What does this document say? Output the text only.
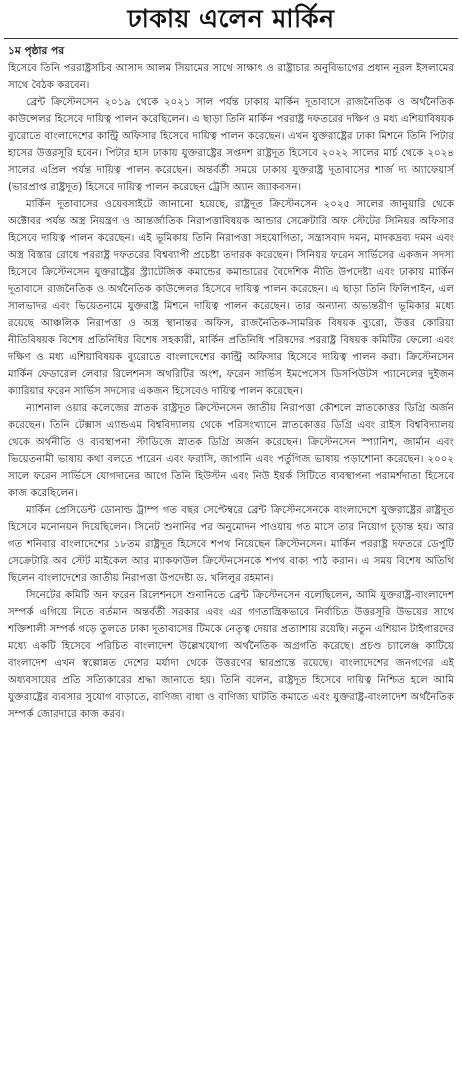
ঢাকায় এলেন মার্কিন

১ম পৃষ্ঠার পর

হিসেবে তিনি পররাষ্ট্রসচিব আসাদ আলম সিয়ামের সাথে সাক্ষাৎ ও রাষ্ট্রাচার অনুবিভাগের প্রধান নূরল ইসলামের সাথে বৈঠক করবেন।

ব্রেন্ট ক্রিস্টেনসেন ২০১৯ থেকে ২০২১ সাল পর্যন্ত ঢাকায় মার্কিন দূতাবাসে রাজনৈতিক ও অর্থনৈতিক কাউন্সেলর হিসেবে দায়িত্ব পালন করেছিলেন। এ ছাড়া তিনি মার্কিন পররাষ্ট্র দফতরের দক্ষিণ ও মধ্য এশিয়াবিষয়ক ব্যুরোতে বাংলাদেশের কান্ট্রি অফিসার হিসেবে দায়িত্ব পালন করেছেন। এখন যুক্তরাষ্ট্রের ঢাকা মিশনে তিনি পিটার হাসের উত্তরসূরি হবেন। পিটার হাস ঢাকায় যুক্তরাষ্ট্রের সপ্তদশ রাষ্ট্রদূত হিসেবে ২০২২ সালের মার্চ থেকে ২০২৪ সালের এপ্রিল পর্যন্ত দায়িত্ব পালন করেছেন। অন্তর্বর্তী সময়ে ঢাকায় যুক্তরাষ্ট্র দূতাবাসের শার্জ দ্য অ্যাফেয়ার্স (ভারপ্রাপ্ত রাষ্ট্রদূত) হিসেবে দায়িত্ব পালন করেছেন ট্রেসি অ্যান জ্যাকবসন।

মার্কিন দূতাবাসের ওয়েবসাইটে জানানো হয়েছে, রাষ্ট্রদূত ক্রিস্টেনসেন ২০২৫ সালের জানুয়ারি থেকে অক্টোবর পর্যন্ত অস্ত্র নিয়ন্ত্রণ ও আন্তর্জাতিক নিরাপত্তাবিষয়ক আন্ডার সেক্রেটারি অফ স্টেটের সিনিয়র অফিসার হিসেবে দায়িত্ব পালন করেছেন। এই ভূমিকায় তিনি নিরাপত্তা সহযোগিতা, সন্ত্রাসবাদ দমন, মাদকদ্রব্য দমন এবং অস্ত্র বিস্তার রোধে পররাষ্ট্র দফতরের বিশ্বব্যাপী প্রচেষ্টা তদারক করেছেন। সিনিয়র ফরেন সার্ভিসের একজন সদস্য হিসেবে ক্রিস্টেনসেন যুক্তরাষ্ট্রের স্ট্র্যাটেজিক কমান্ডের কমান্ডারের বৈদেশিক নীতি উপদেষ্টা এবং ঢাকায় মার্কিন দূতাবাসে রাজনৈতিক ও অর্থনৈতিক কাউন্সেলর হিসেবে দায়িত্ব পালন করেছেন। এ ছাড়া তিনি ফিলিপাইন, এল সালভাদর এবং ভিয়েতনামে যুক্তরাষ্ট্র মিশনে দায়িত্ব পালন করেছেন। তার অন্যান্য অভ্যন্তরীণ ভূমিকার মধ্যে রয়েছে আঞ্চলিক নিরাপত্তা ও অস্ত্র স্থানান্তর অফিস, রাজনৈতিক-সামরিক বিষয়ক ব্যুরো, উত্তর কোরিয়া নীতিবিষয়ক বিশেষ প্রতিনিধির বিশেষ সহকারী, মার্কিন প্রতিনিধি পরিষদের পররাষ্ট্র বিষয়ক কমিটির ফেলো এবং দক্ষিণ ও মধ্য এশিয়াবিষয়ক ব্যুরোতে বাংলাদেশের কান্ট্রি অফিসার হিসেবে দায়িত্ব পালন করা। ক্রিস্টেনসেন মার্কিন ফেডারেল লেবার রিলেশনস অথরিটির অংশ, ফরেন সার্ভিস ইমপেসেস ডিসপিউটস প্যানেলের দুইজন ক্যারিয়ার ফরেন সার্ভিস সদস্যের একজন হিসেবেও দায়িত্ব পালন করেছেন।

ন্যাশনাল ওয়ার কলেজের স্নাতক রাষ্ট্রদূত ক্রিস্টেনসেন জাতীয় নিরাপত্তা কৌশলে স্নাতকোত্তর ডিগ্রি অর্জন করেছেন। তিনি টেক্সাস এ্যান্ডএম বিশ্ববিদ্যালয় থেকে পরিসংখ্যানে স্নাতকোত্তর ডিগ্রি এবং রাইস বিশ্ববিদ্যালয় থেকে অর্থনীতি ও ব্যবস্থাপনা স্টাডিজে স্নাতক ডিগ্রি অর্জন করেছেন। ক্রিস্টেনসেন স্প্যানিশ, জার্মান এবং ভিয়েতনামী ভাষায় কথা বলতে পারেন এবং ফরাসি, জাপানি এবং পর্তুগিজ ভাষায় পড়াশোনা করেছেন। ২০০২ সালে ফরেন সার্ভিসে যোগদানের আগে তিনি হিউস্টন এবং নিউ ইয়র্ক সিটিতে ব্যবস্থাপনা পরামর্শদাতা হিসেবে কাজ করেছিলেন।

মার্কিন প্রেসিডেন্ট ডোনাল্ড ট্রাম্প গত বছর সেপ্টেম্বরে ব্রেন্ট ক্রিস্টেনসেনকে বাংলাদেশে যুক্তরাষ্ট্রের রাষ্ট্রদূত হিসেবে মনোনয়ন দিয়েছিলেন। সিনেট শুনানির পর অনুমোদন পাওয়ায় গত মাসে তার নিয়োগ চূড়ান্ত হয়। আর গত শনিবার বাংলাদেশের ১৮তম রাষ্ট্রদূত হিসেবে শপথ নিয়েছেন ক্রিস্টেনসেন। মার্কিন পররাষ্ট্র দফতরে ডেপুটি সেক্রেটারি অব স্টেট মাইকেল আর ম্যাকফাউল ক্রিস্টেনসেনকে শপথ বাক্য পাঠ করান। এ সময় বিশেষ অতিথি ছিলেন বাংলাদেশের জাতীয় নিরাপত্তা উপদেষ্টা ড. খলিলুর রহমান।

সিনেটের কমিটি অন ফরেন রিলেশনসে শুনানিতে ব্রেন্ট ক্রিস্টেনসেন বলেছিলেন, আমি যুক্তরাষ্ট্র-বাংলাদেশ সম্পর্ক এগিয়ে নিতে বর্তমান অন্তর্বর্তী সরকার এবং এর গণতান্ত্রিকভাবে নির্বাচিত উত্তরসূরি উভয়ের সাথে শক্তিশালী সম্পর্ক গড়ে তুলতে ঢাকা দূতাবাসের টিমকে নেতৃত্ব দেয়ার প্রত্যাশায় রয়েছি। নতুন এশিয়ান টাইগারদের মধ্যে একটি হিসেবে পরিচিত বাংলাদেশ উল্লেখযোগ্য অর্থনৈতিক অগ্রগতি করেছে। প্রচণ্ড চ্যালেঞ্জ কাটিয়ে বাংলাদেশ এখন স্বল্পোন্নত দেশের মর্যাদা থেকে উত্তরণের দ্বারপ্রান্তে রয়েছে। বাংলাদেশের জনগণের এই অধ্যবসায়ের প্রতি সত্যিকারের শ্রদ্ধা জানাতে হয়। তিনি বলেন, রাষ্ট্রদূত হিসেবে দায়িত্ব নিশ্চিত হলে আমি যুক্তরাষ্ট্রের ব্যবসার সুযোগ বাড়াতে, বাণিজ্য বাধা ও বাণিজ্য ঘাটতি কমাতে এবং যুক্তরাষ্ট্র-বাংলাদেশ অর্থনৈতিক সম্পর্ক জোরদারে কাজ করব।
